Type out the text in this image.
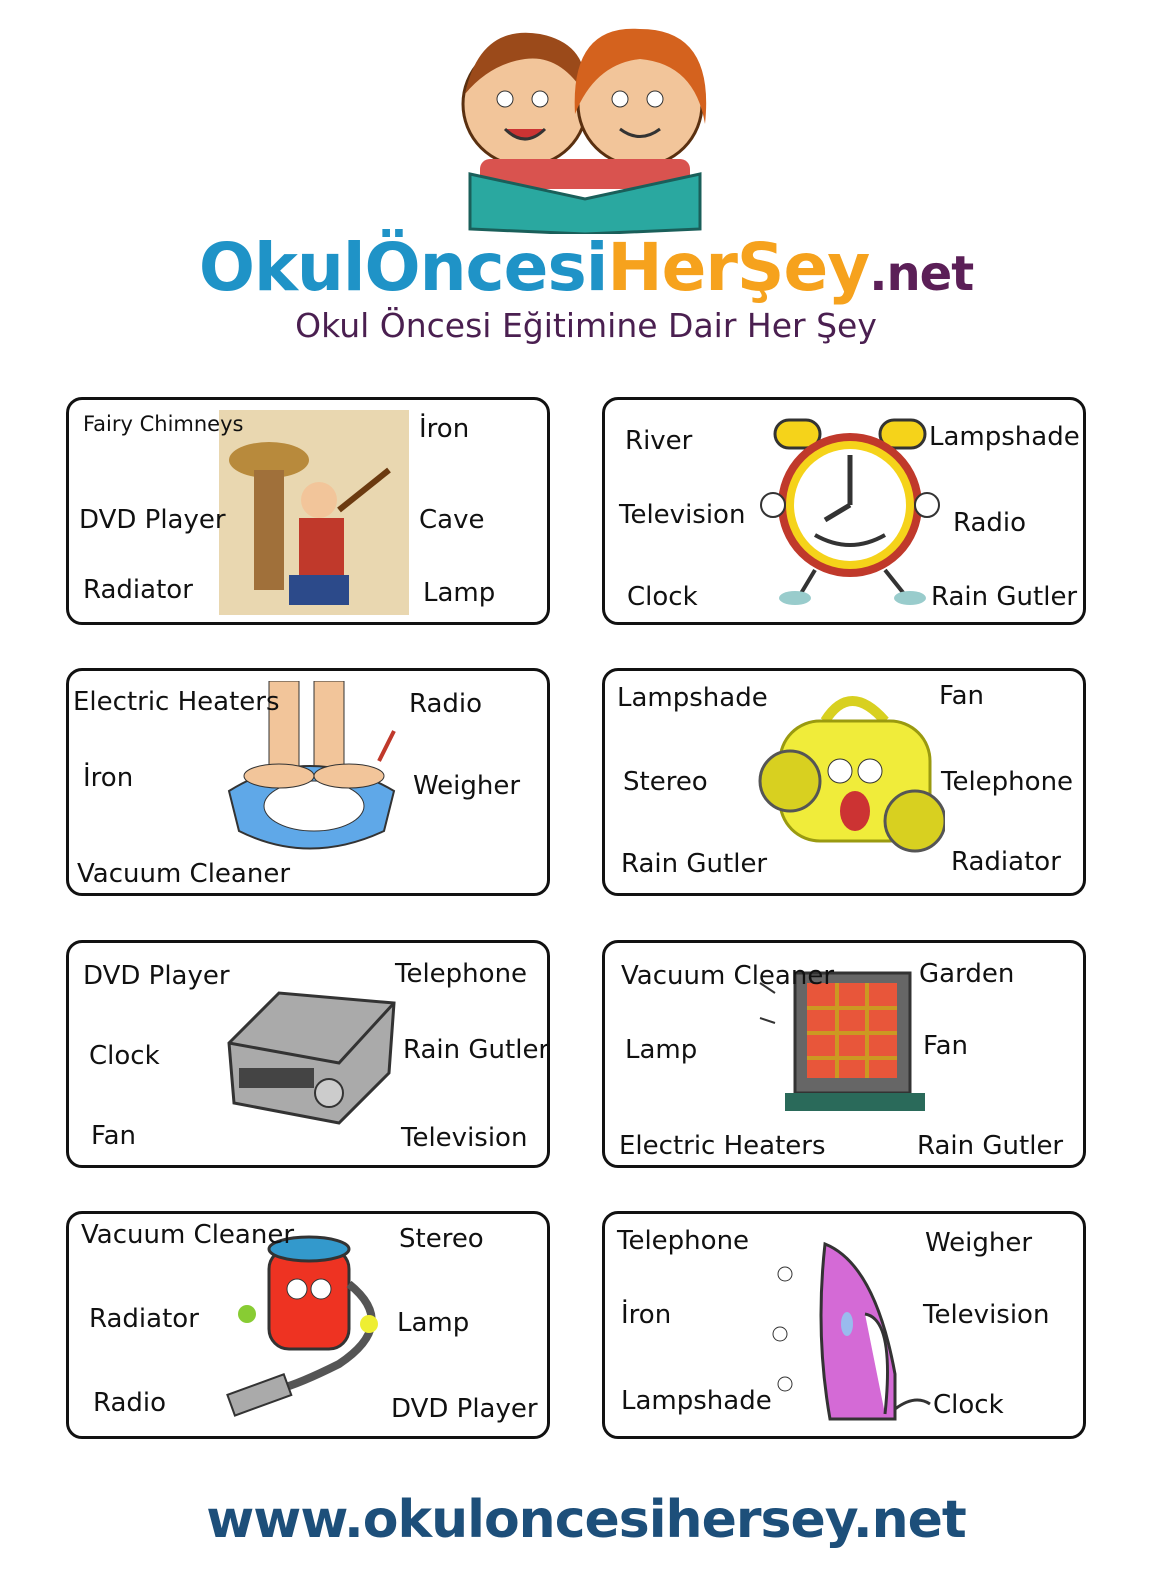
OkulÖncesiHerŞey.net
Okul Öncesi Eğitimine Dair Her Şey
Fairy Chimneys
DVD Player
Radiator
İron
Cave
Lamp
River
Television
Clock
Lampshade
Radio
Rain Gutler
Electric Heaters
İron
Vacuum Cleaner
Radio
Weigher
Lampshade
Stereo
Rain Gutler
Fan
Telephone
Radiator
DVD Player
Clock
Fan
Telephone
Rain Gutler
Television
Vacuum Cleaner
Lamp
Electric Heaters
Garden
Fan
Rain Gutler
Vacuum Cleaner
Radiator
Radio
Stereo
Lamp
DVD Player
Telephone
İron
Lampshade
Weigher
Television
Clock
www.okuloncesihersey.net
